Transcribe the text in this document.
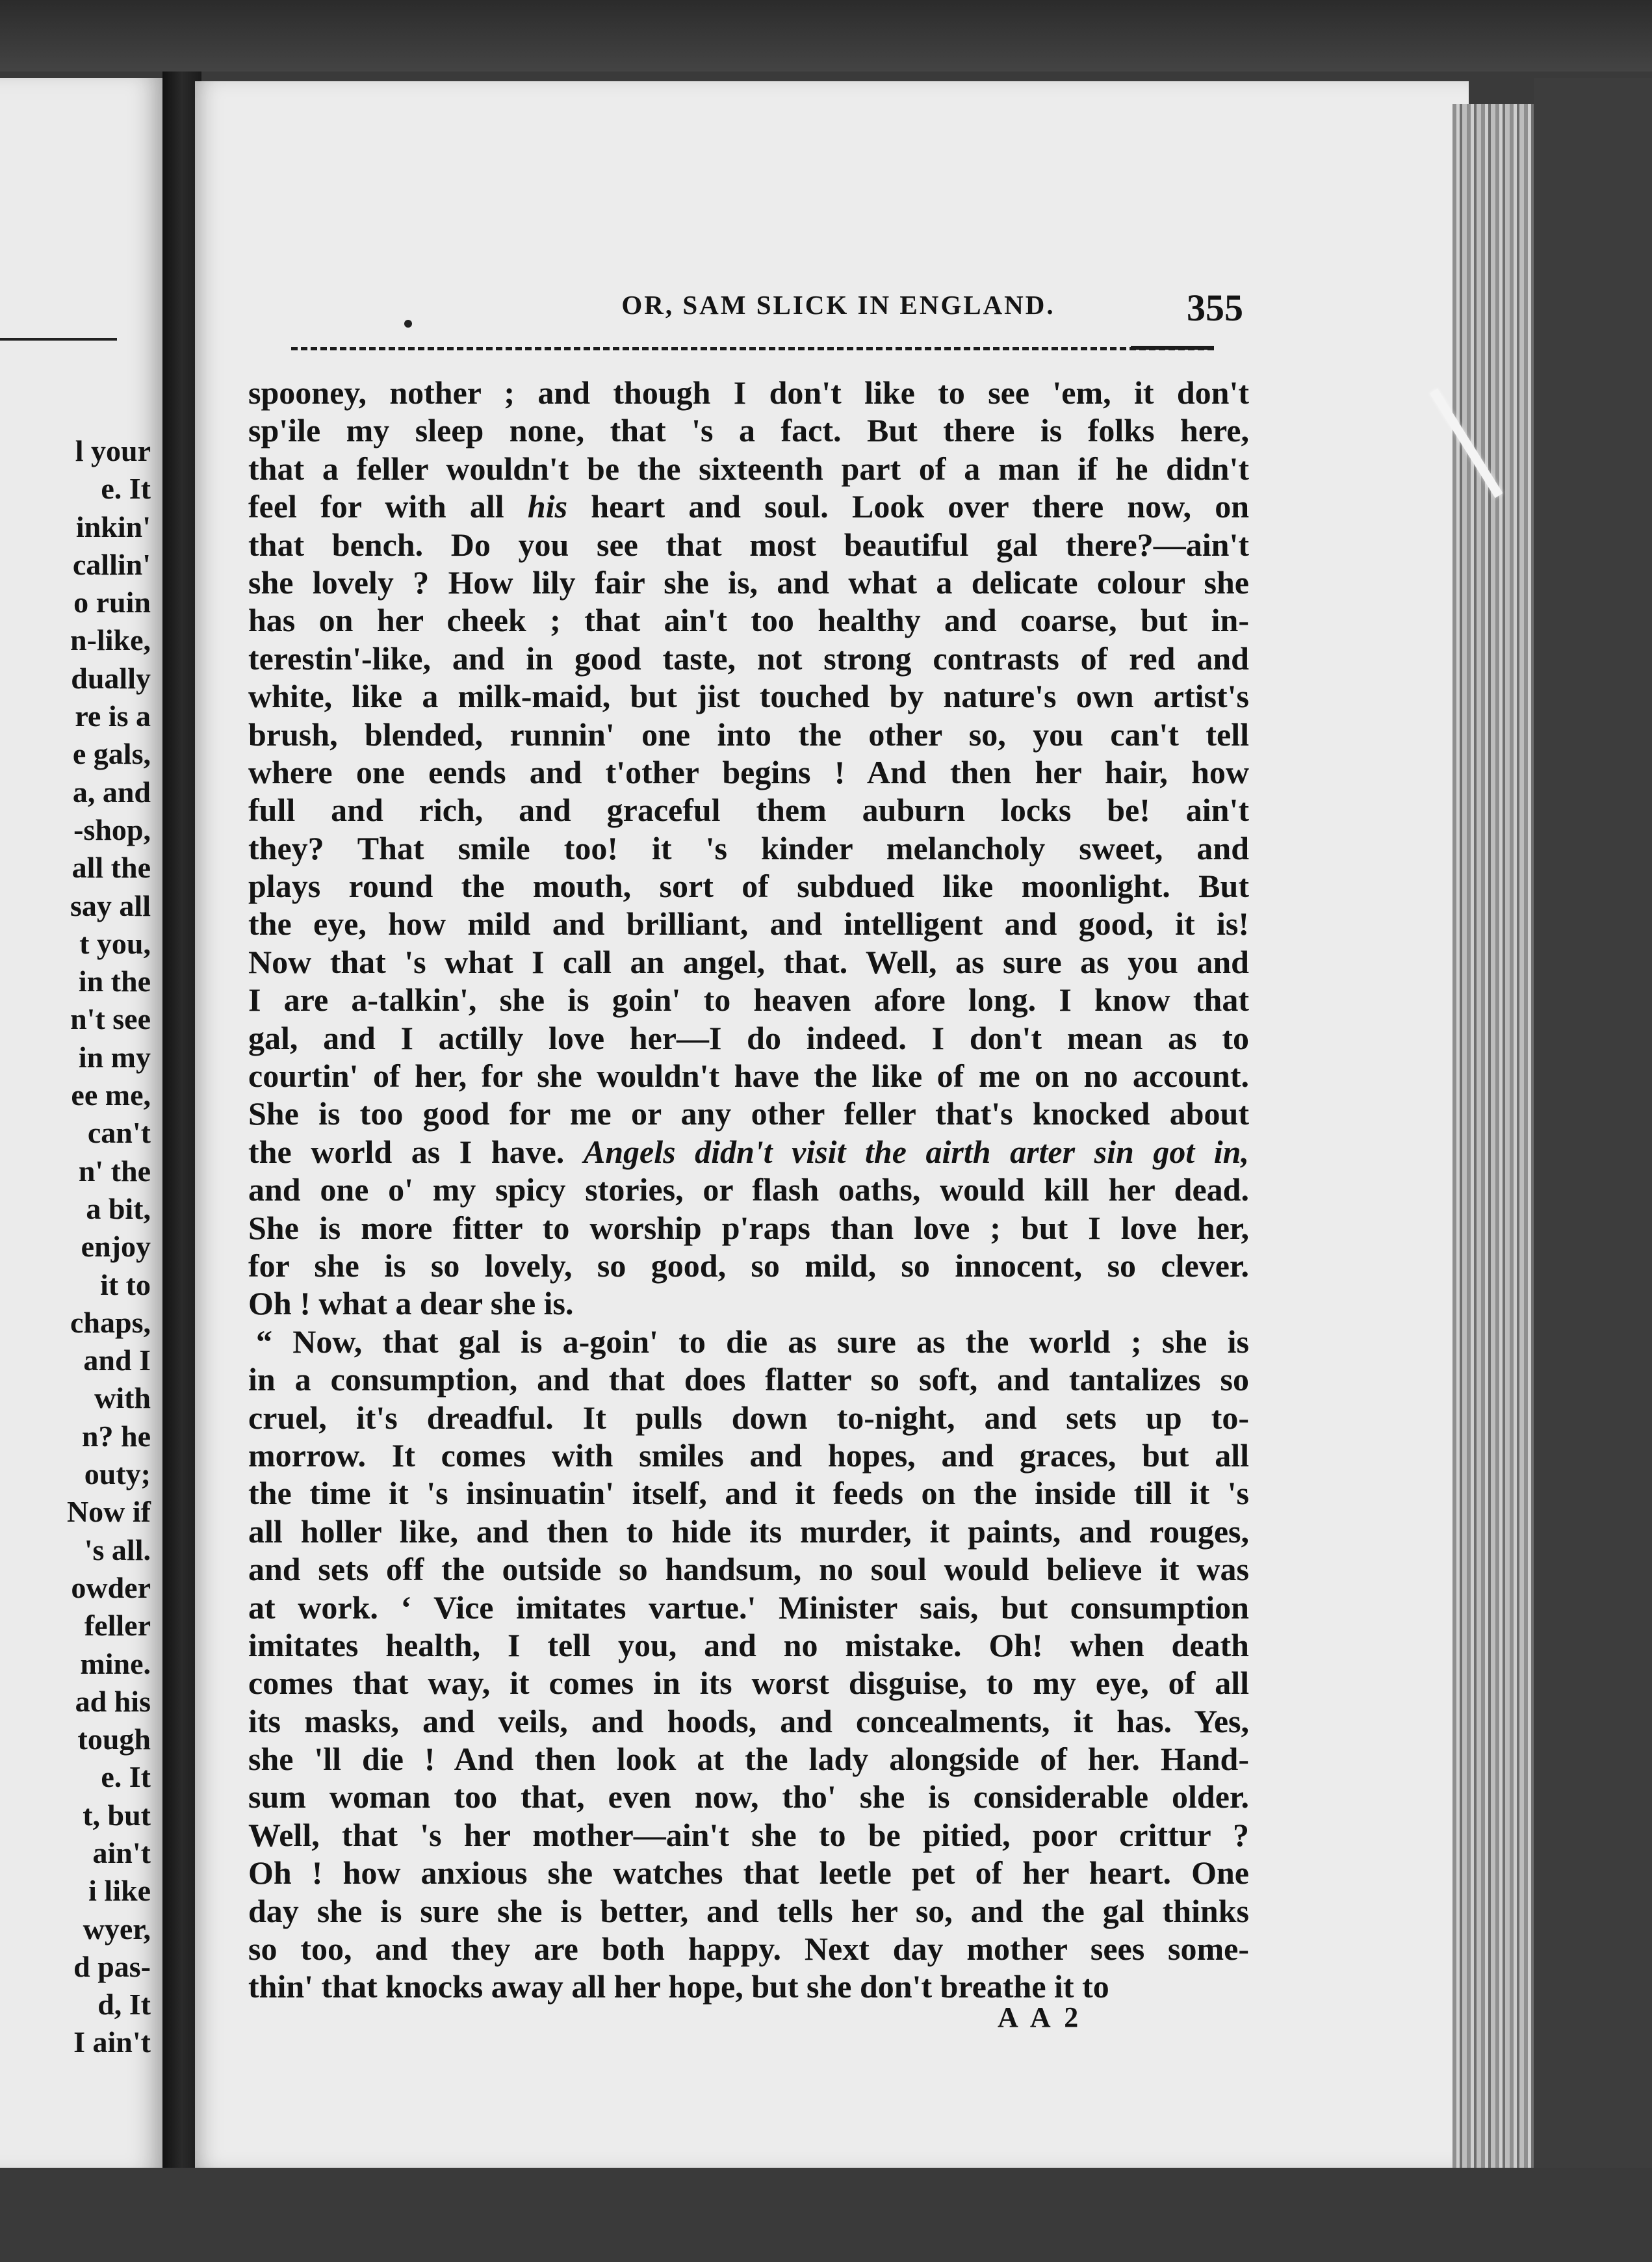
l your
e. It
inkin'
callin'
o ruin
n-like,
dually
re is a
e gals,
a, and
-shop,
all the
say all
t you,
in the
n't see
in my
ee me,
can't
n' the
a bit,
enjoy
it to
chaps,
and I
with
n? he
outy;
Now if
's all.
owder
feller
mine.
ad his
tough
e. It
t, but
ain't
i like
wyer,
d pas-
d, It
I ain't
OR, SAM SLICK IN ENGLAND.	355
spooney, nother ; and though I don't like to see 'em, it don't
sp'ile my sleep none, that 's a fact. But there is folks here,
that a feller wouldn't be the sixteenth part of a man if he didn't
feel for with all his heart and soul. Look over there now, on
that bench. Do you see that most beautiful gal there?—ain't
she lovely ? How lily fair she is, and what a delicate colour she
has on her cheek ; that ain't too healthy and coarse, but in-
terestin'-like, and in good taste, not strong contrasts of red and
white, like a milk-maid, but jist touched by nature's own artist's
brush, blended, runnin' one into the other so, you can't tell
where one eends and t'other begins ! And then her hair, how
full and rich, and graceful them auburn locks be! ain't
they? That smile too! it 's kinder melancholy sweet, and
plays round the mouth, sort of subdued like moonlight. But
the eye, how mild and brilliant, and intelligent and good, it is!
Now that 's what I call an angel, that. Well, as sure as you and
I are a-talkin', she is goin' to heaven afore long. I know that
gal, and I actilly love her—I do indeed. I don't mean as to
courtin' of her, for she wouldn't have the like of me on no account.
She is too good for me or any other feller that's knocked about
the world as I have. Angels didn't visit the airth arter sin got in,
and one o' my spicy stories, or flash oaths, would kill her dead.
She is more fitter to worship p'raps than love ; but I love her,
for she is so lovely, so good, so mild, so innocent, so clever.
Oh ! what a dear she is.
“ Now, that gal is a-goin' to die as sure as the world ; she is
in a consumption, and that does flatter so soft, and tantalizes so
cruel, it's dreadful. It pulls down to-night, and sets up to-
morrow. It comes with smiles and hopes, and graces, but all
the time it 's insinuatin' itself, and it feeds on the inside till it 's
all holler like, and then to hide its murder, it paints, and rouges,
and sets off the outside so handsum, no soul would believe it was
at work. ‘ Vice imitates vartue.' Minister sais, but consumption
imitates health, I tell you, and no mistake. Oh! when death
comes that way, it comes in its worst disguise, to my eye, of all
its masks, and veils, and hoods, and concealments, it has. Yes,
she 'll die ! And then look at the lady alongside of her. Hand-
sum woman too that, even now, tho' she is considerable older.
Well, that 's her mother—ain't she to be pitied, poor crittur ?
Oh ! how anxious she watches that leetle pet of her heart. One
day she is sure she is better, and tells her so, and the gal thinks
so too, and they are both happy. Next day mother sees some-
thin' that knocks away all her hope, but she don't breathe it to
A A 2
